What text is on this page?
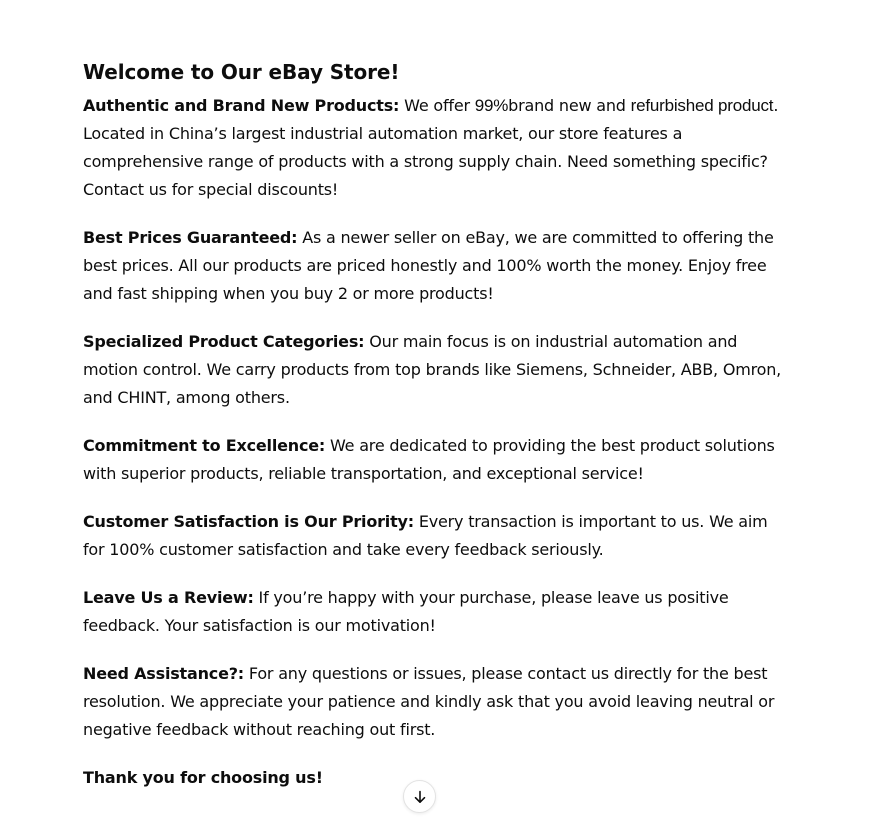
Welcome to Our eBay Store!

Authentic and Brand New Products: We offer 99%brand new and refurbished product. Located in China’s largest industrial automation market, our store features a comprehensive range of products with a strong supply chain. Need something specific? Contact us for special discounts!

Best Prices Guaranteed: As a newer seller on eBay, we are committed to offering the best prices. All our products are priced honestly and 100% worth the money. Enjoy free and fast shipping when you buy 2 or more products!

Specialized Product Categories: Our main focus is on industrial automation and motion control. We carry products from top brands like Siemens, Schneider, ABB, Omron, and CHINT, among others.

Commitment to Excellence: We are dedicated to providing the best product solutions with superior products, reliable transportation, and exceptional service!

Customer Satisfaction is Our Priority: Every transaction is important to us. We aim for 100% customer satisfaction and take every feedback seriously.

Leave Us a Review: If you’re happy with your purchase, please leave us positive feedback. Your satisfaction is our motivation!

Need Assistance?: For any questions or issues, please contact us directly for the best resolution. We appreciate your patience and kindly ask that you avoid leaving neutral or negative feedback without reaching out first.

Thank you for choosing us!
